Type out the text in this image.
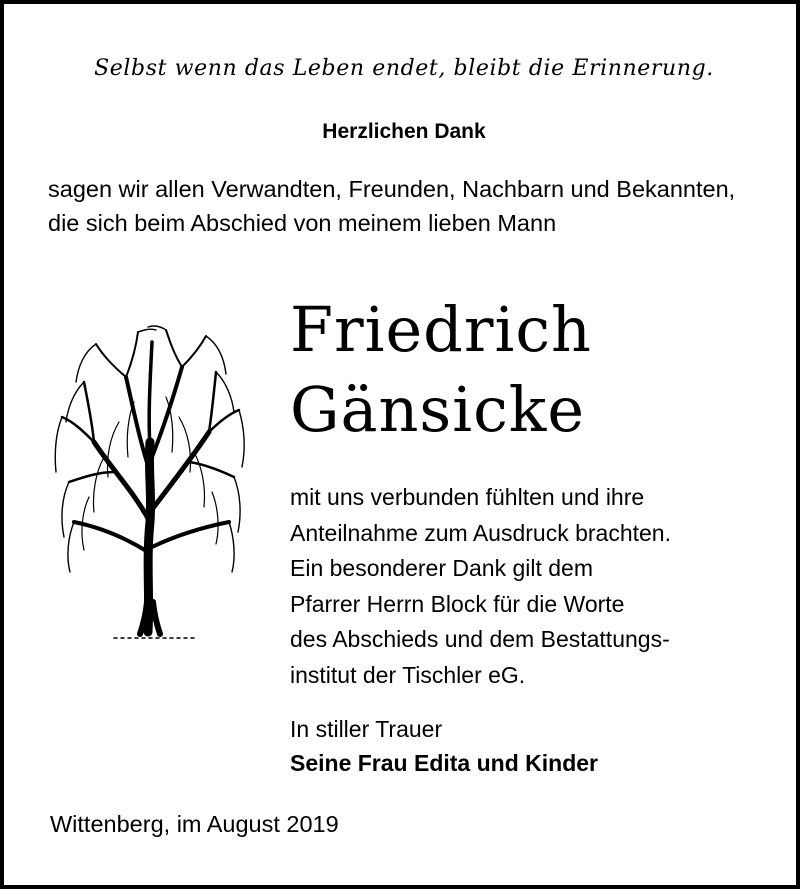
Selbst wenn das Leben endet, bleibt die Erinnerung.
Herzlichen Dank

sagen wir allen Verwandten, Freunden, Nachbarn und Bekannten, die sich beim Abschied von meinem lieben Mann

Friedrich
Gänsicke
mit uns verbunden fühlten und ihre
Anteilnahme zum Ausdruck brachten.
Ein besonderer Dank gilt dem
Pfarrer Herrn Block für die Worte
des Abschieds und dem Bestattungs-
institut der Tischler eG.
In stiller Trauer
Seine Frau Edita und Kinder
Wittenberg, im August 2019
